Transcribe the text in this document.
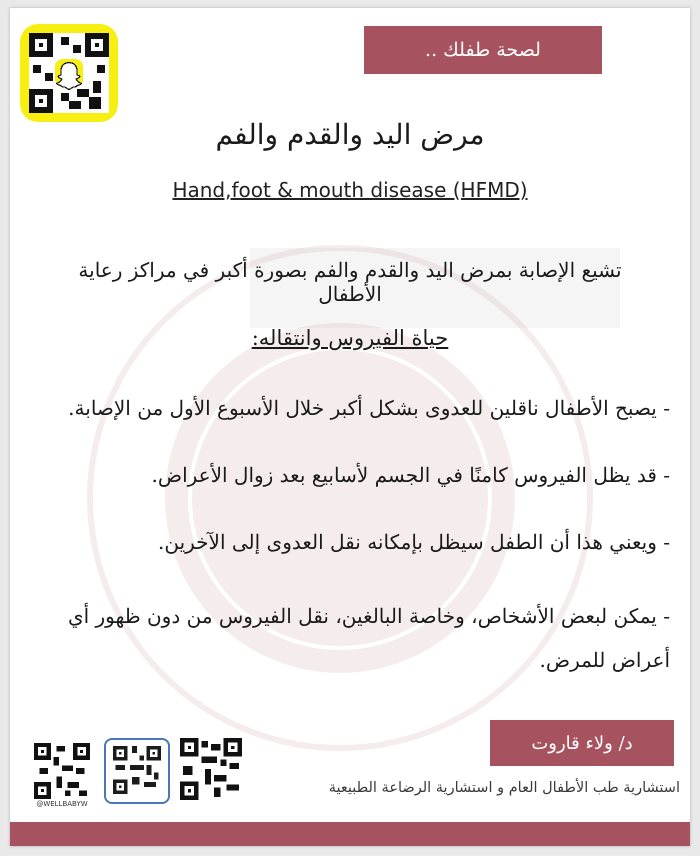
لصحة طفلك ..
مرض اليد والقدم والفم
Hand,foot & mouth disease (HFMD)
تشيع الإصابة بمرض اليد والقدم والفم بصورة أكبر في مراكز رعاية الأطفال
حياة الفيروس وانتقاله:
- يصبح الأطفال ناقلين للعدوى بشكل أكبر خلال الأسبوع الأول من الإصابة.
- قد يظل الفيروس كامنًا في الجسم لأسابيع بعد زوال الأعراض.
- ويعني هذا أن الطفل سيظل بإمكانه نقل العدوى إلى الآخرين.
- يمكن لبعض الأشخاص، وخاصة البالغين، نقل الفيروس من دون ظهور أي أعراض للمرض.
د/ ولاء قاروت
استشارية طب الأطفال العام و استشارية الرضاعة الطبيعية
@WELLBABYW
